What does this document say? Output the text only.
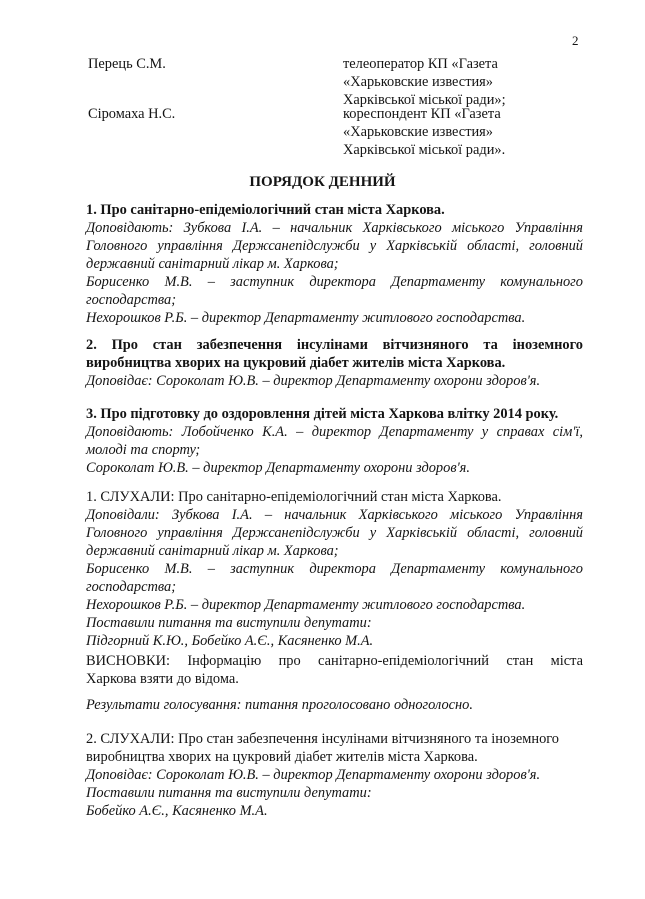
2
Перець С.М.	телеоператор КП «Газета
«Харьковские известия»
Харківської міської ради»;
Сіромаха Н.С.	кореспондент КП «Газета
«Харьковские известия»
Харківської міської ради».
ПОРЯДОК ДЕННИЙ
1. Про санітарно-епідеміологічний стан міста Харкова.
Доповідають: Зубкова І.А. – начальник Харківського міського Управління Головного управління Держсанепідслужби у Харківській області, головний державний санітарний лікар м. Харкова;
Борисенко М.В. – заступник директора Департаменту комунального господарства;
Нехорошков Р.Б. – директор Департаменту житлового господарства.
2. Про стан забезпечення інсулінами вітчизняного та іноземного виробництва хворих на цукровий діабет жителів міста Харкова.
Доповідає: Сороколат Ю.В. – директор Департаменту охорони здоров'я.
3. Про підготовку до оздоровлення дітей міста Харкова влітку 2014 року.
Доповідають: Лобойченко К.А. – директор Департаменту у справах сім'ї, молоді та спорту;
Сороколат Ю.В. – директор Департаменту охорони здоров'я.
1. СЛУХАЛИ: Про санітарно-епідеміологічний стан міста Харкова.
Доповідали: Зубкова І.А. – начальник Харківського міського Управління Головного управління Держсанепідслужби у Харківській області, головний державний санітарний лікар м. Харкова;
Борисенко М.В. – заступник директора Департаменту комунального господарства;
Нехорошков Р.Б. – директор Департаменту житлового господарства.
Поставили питання та виступили депутати:
Підгорний К.Ю., Бобейко А.Є., Касяненко М.А.
ВИСНОВКИ: Інформацію про санітарно-епідеміологічний стан міста
Харкова взяти до відома.
Результати голосування: питання проголосовано одноголосно.
2. СЛУХАЛИ: Про стан забезпечення інсулінами вітчизняного та іноземного
виробництва хворих на цукровий діабет жителів міста Харкова.
Доповідає: Сороколат Ю.В. – директор Департаменту охорони здоров'я.
Поставили питання та виступили депутати:
Бобейко А.Є., Касяненко М.А.
